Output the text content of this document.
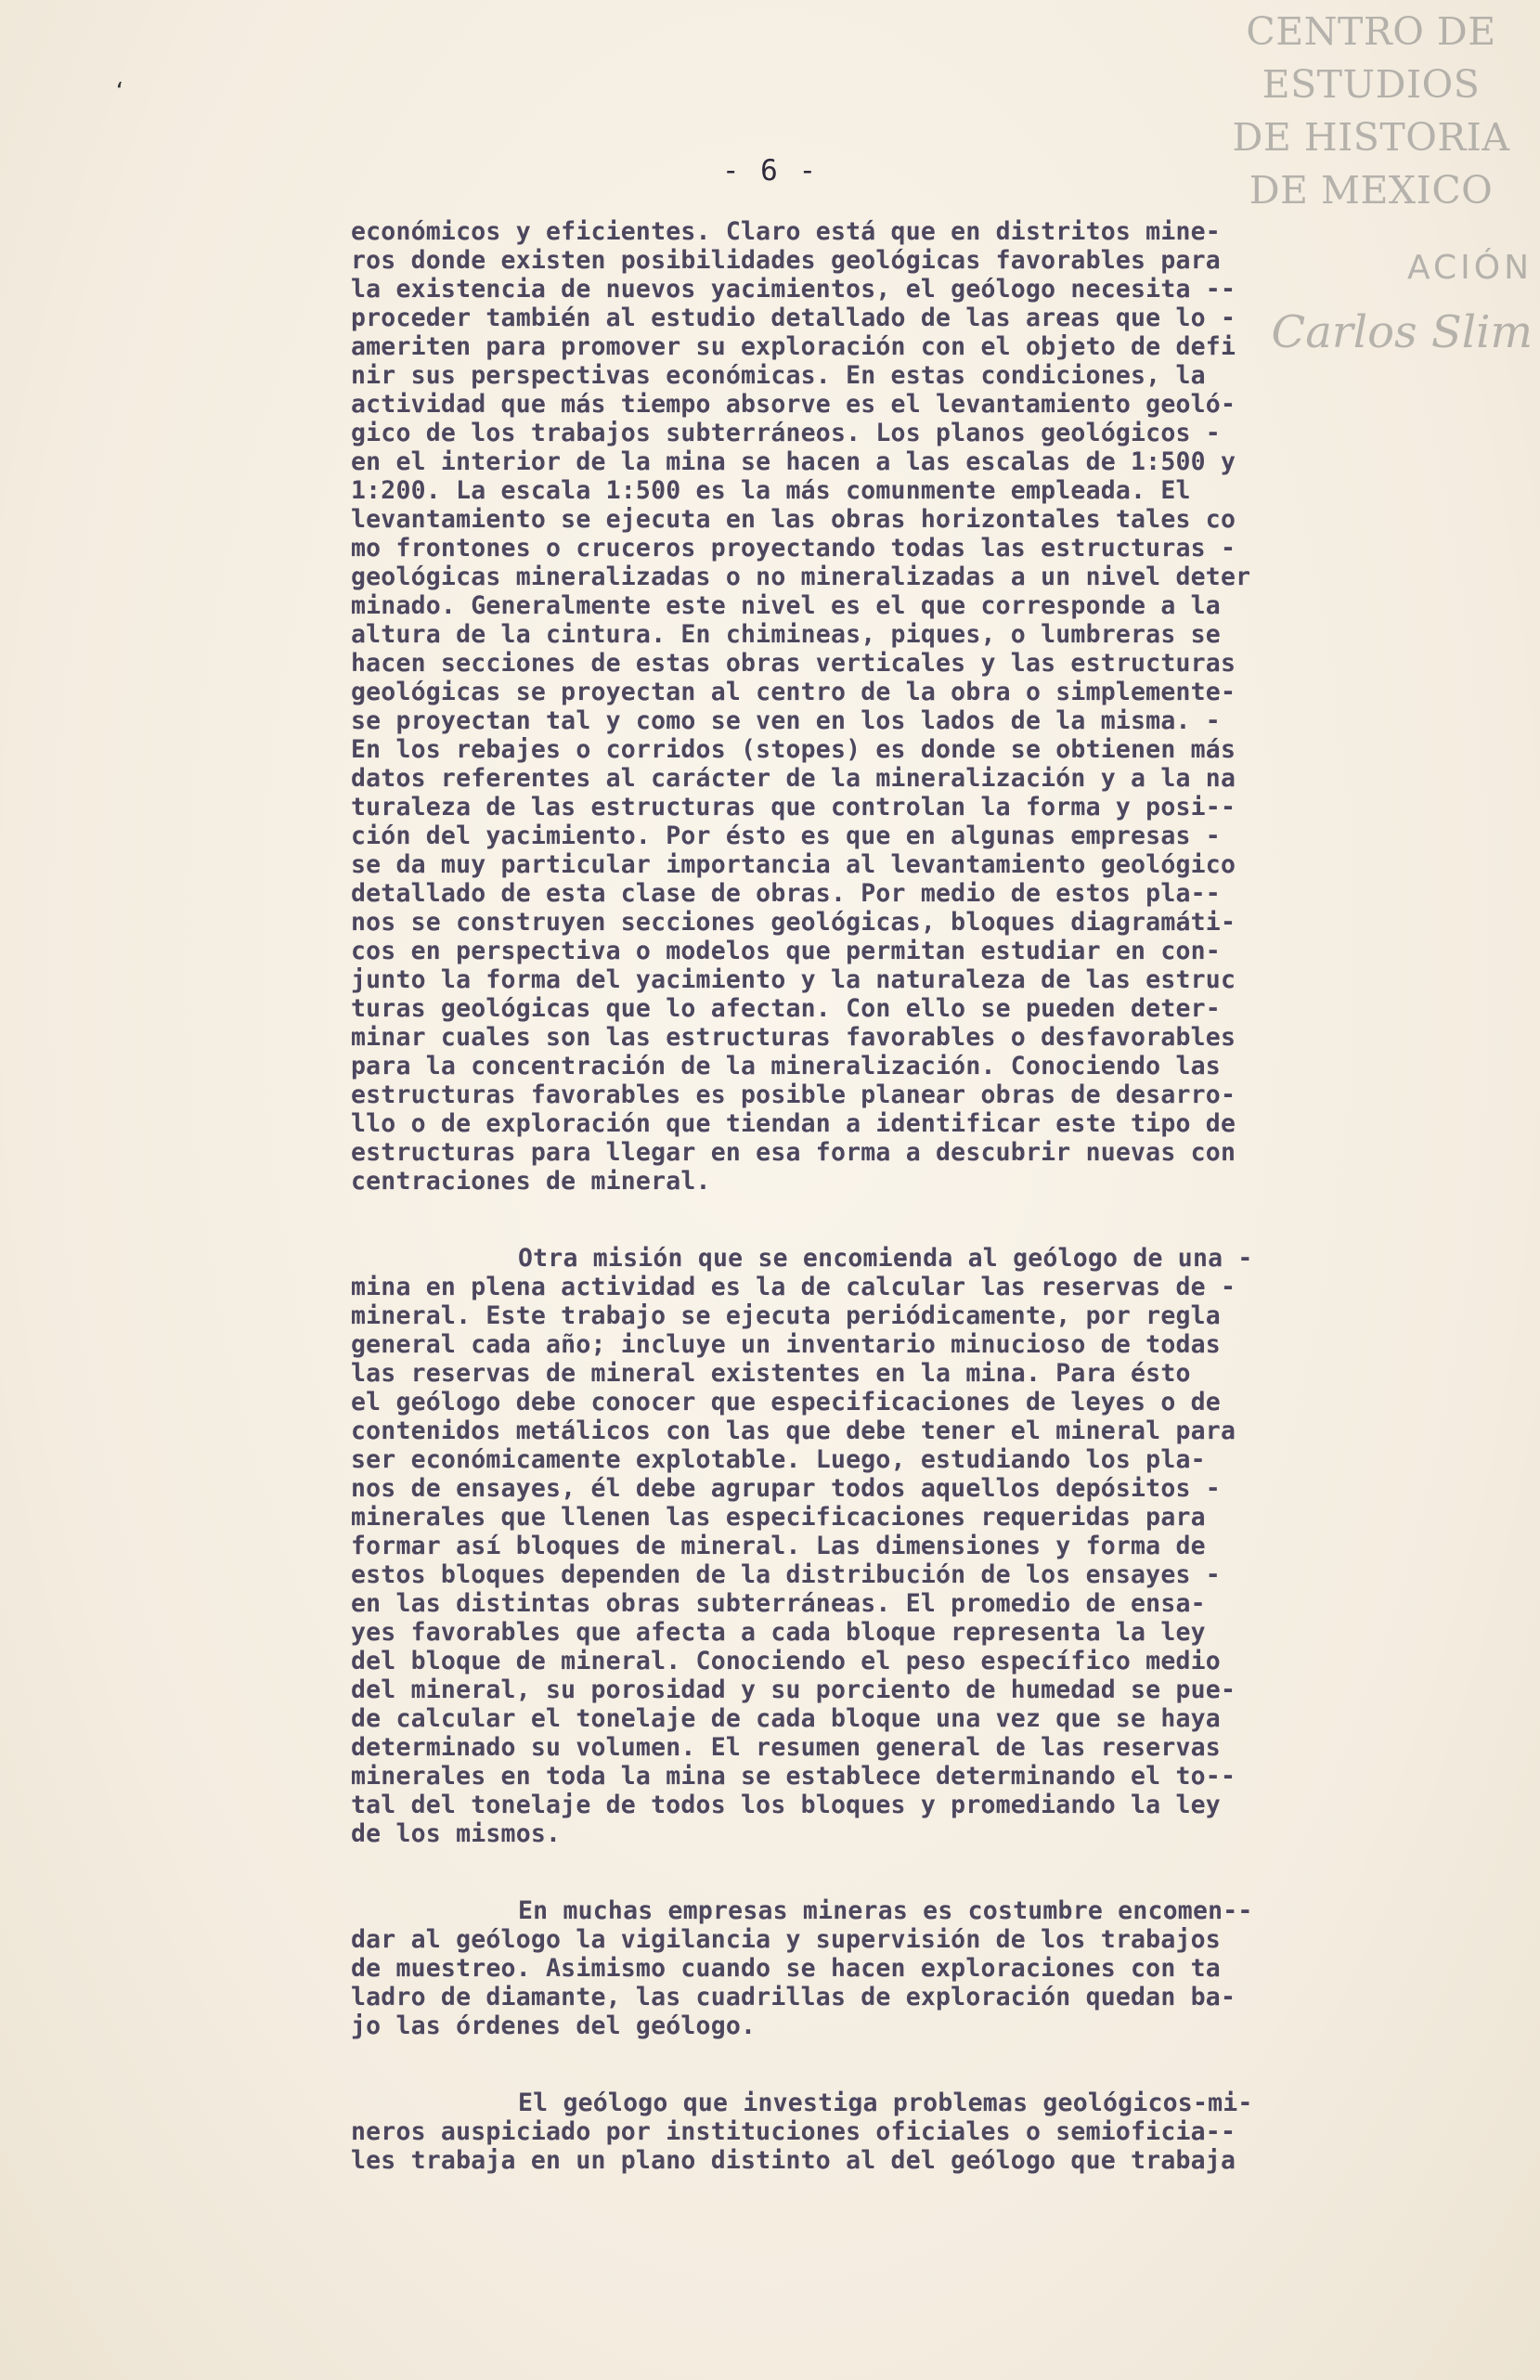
‘
CENTRO DE
ESTUDIOS
DE HISTORIA
DE MEXICO
ACIÓN
Carlos Slim
- 6 -
económicos y eficientes. Claro está que en distritos mine-
ros donde existen posibilidades geológicas favorables para
la existencia de nuevos yacimientos, el geólogo necesita --
proceder también al estudio detallado de las areas que lo -
ameriten para promover su exploración con el objeto de defi
nir sus perspectivas económicas. En estas condiciones, la
actividad que más tiempo absorve es el levantamiento geoló-
gico de los trabajos subterráneos. Los planos geológicos -
en el interior de la mina se hacen a las escalas de 1:500 y
1:200. La escala 1:500 es la más comunmente empleada. El
levantamiento se ejecuta en las obras horizontales tales co
mo frontones o cruceros proyectando todas las estructuras -
geológicas mineralizadas o no mineralizadas a un nivel deter
minado. Generalmente este nivel es el que corresponde a la
altura de la cintura. En chimineas, piques, o lumbreras se
hacen secciones de estas obras verticales y las estructuras
geológicas se proyectan al centro de la obra o simplemente-
se proyectan tal y como se ven en los lados de la misma. -
En los rebajes o corridos (stopes) es donde se obtienen más
datos referentes al carácter de la mineralización y a la na
turaleza de las estructuras que controlan la forma y posi--
ción del yacimiento. Por ésto es que en algunas empresas -
se da muy particular importancia al levantamiento geológico
detallado de esta clase de obras. Por medio de estos pla--
nos se construyen secciones geológicas, bloques diagramáti-
cos en perspectiva o modelos que permitan estudiar en con-
junto la forma del yacimiento y la naturaleza de las estruc
turas geológicas que lo afectan. Con ello se pueden deter-
minar cuales son las estructuras favorables o desfavorables
para la concentración de la mineralización. Conociendo las
estructuras favorables es posible planear obras de desarro-
llo o de exploración que tiendan a identificar este tipo de
estructuras para llegar en esa forma a descubrir nuevas con
centraciones de mineral.
Otra misión que se encomienda al geólogo de una -
mina en plena actividad es la de calcular las reservas de -
mineral. Este trabajo se ejecuta periódicamente, por regla
general cada año; incluye un inventario minucioso de todas
las reservas de mineral existentes en la mina. Para ésto
el geólogo debe conocer que especificaciones de leyes o de
contenidos metálicos con las que debe tener el mineral para
ser económicamente explotable. Luego, estudiando los pla-
nos de ensayes, él debe agrupar todos aquellos depósitos -
minerales que llenen las especificaciones requeridas para
formar así bloques de mineral. Las dimensiones y forma de
estos bloques dependen de la distribución de los ensayes -
en las distintas obras subterráneas. El promedio de ensa-
yes favorables que afecta a cada bloque representa la ley
del bloque de mineral. Conociendo el peso específico medio
del mineral, su porosidad y su porciento de humedad se pue-
de calcular el tonelaje de cada bloque una vez que se haya
determinado su volumen. El resumen general de las reservas
minerales en toda la mina se establece determinando el to--
tal del tonelaje de todos los bloques y promediando la ley
de los mismos.
En muchas empresas mineras es costumbre encomen--
dar al geólogo la vigilancia y supervisión de los trabajos
de muestreo. Asimismo cuando se hacen exploraciones con ta
ladro de diamante, las cuadrillas de exploración quedan ba-
jo las órdenes del geólogo.
El geólogo que investiga problemas geológicos-mi-
neros auspiciado por instituciones oficiales o semioficia--
les trabaja en un plano distinto al del geólogo que trabaja
